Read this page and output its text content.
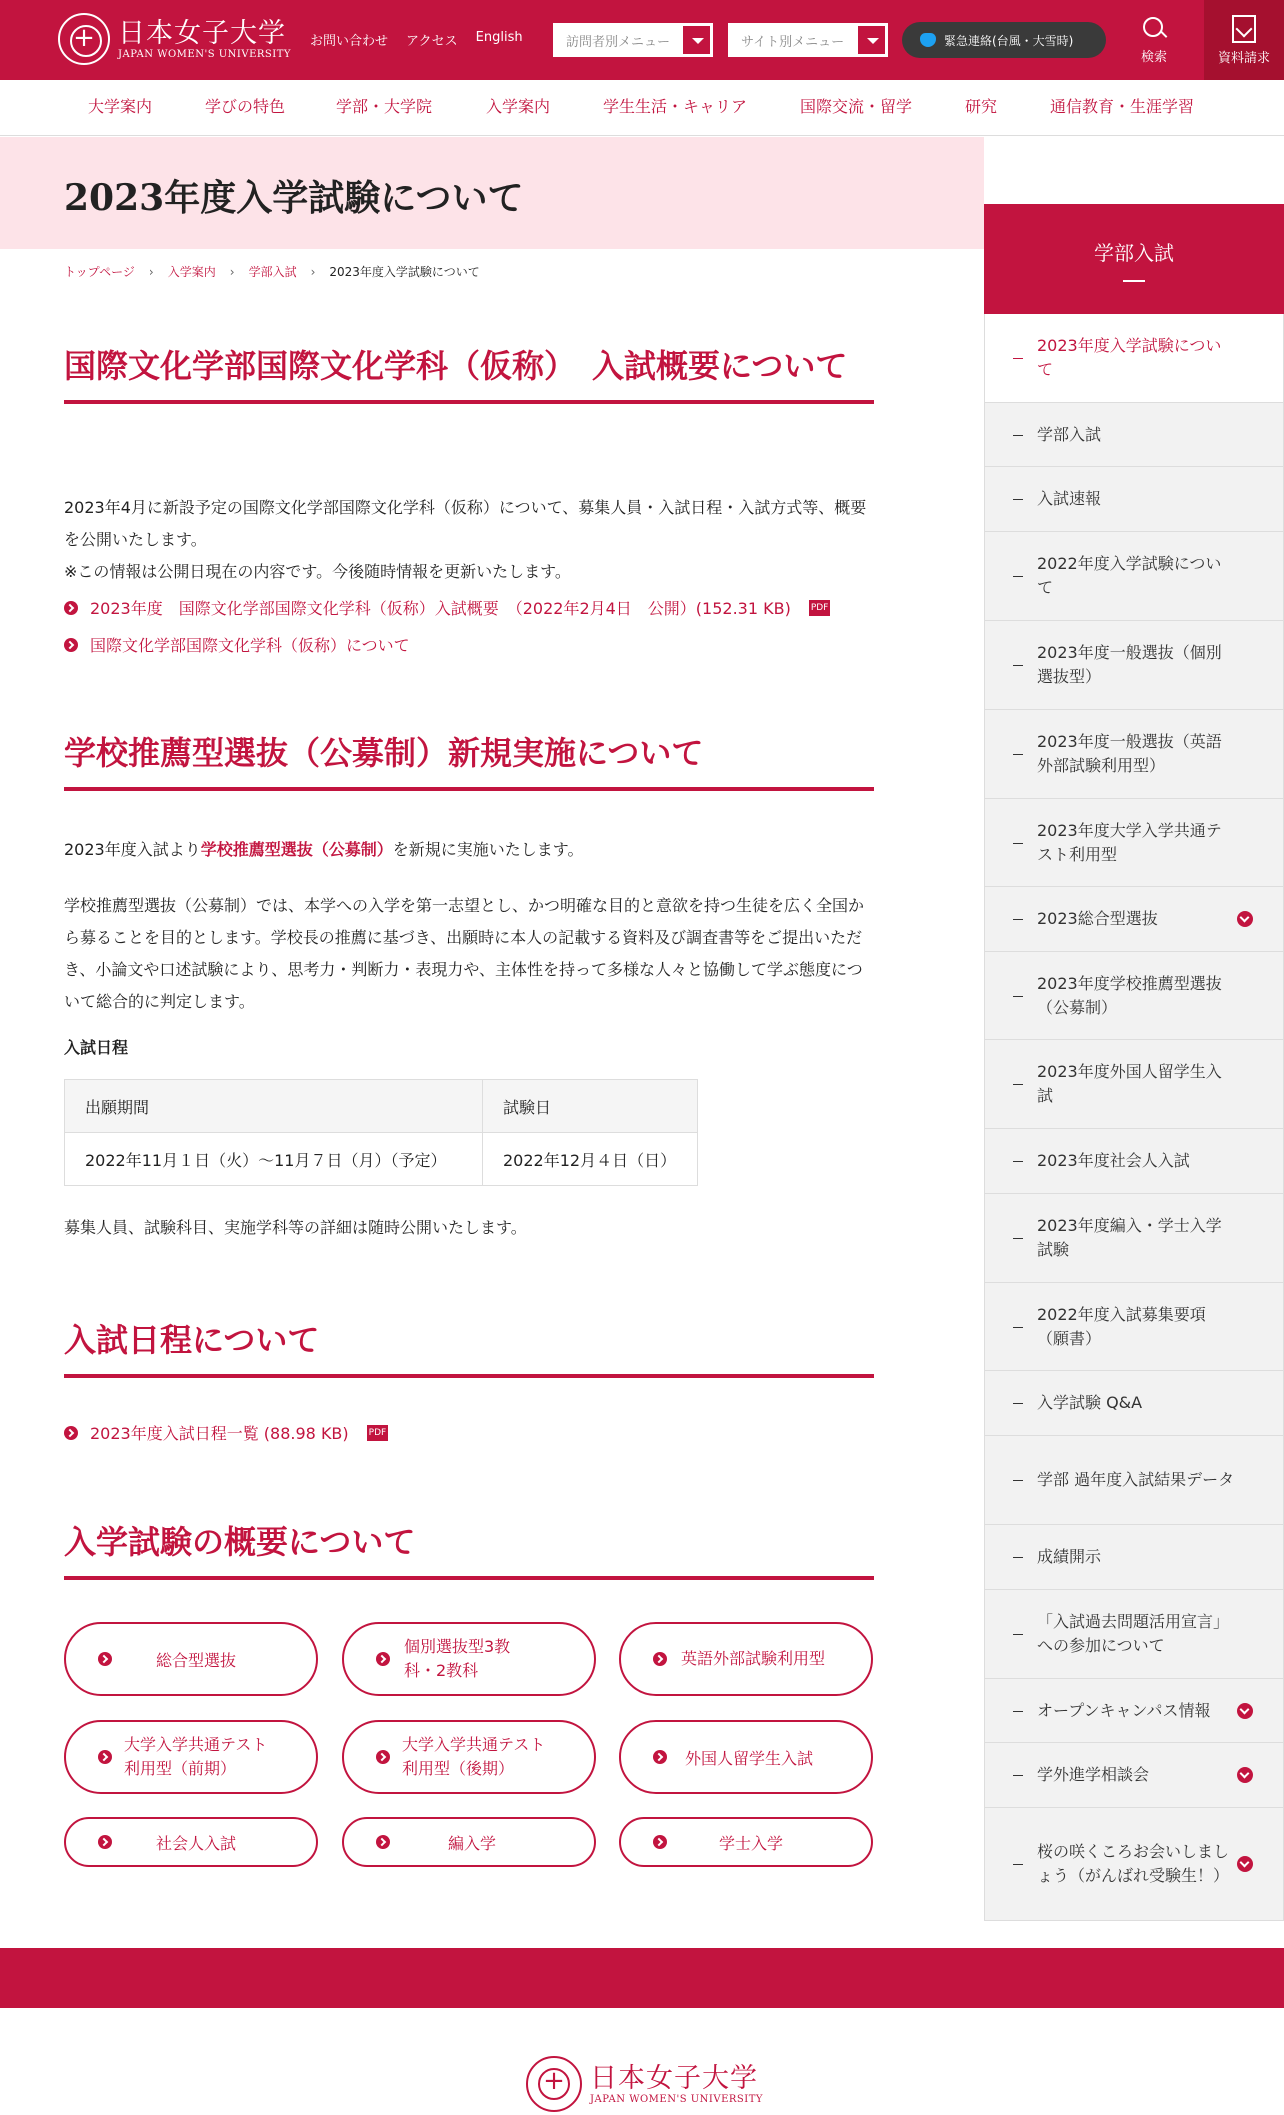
+
日本女子大学
JAPAN WOMEN'S UNIVERSITY
お問い合わせ アクセス English	訪問者別メニュー	サイト別メニュー	緊急連絡(台風・大雪時)
検索	資料請求
大学案内	学びの特色	学部・大学院	入学案内	学生生活・キャリア	国際交流・留学	研究	通信教育・生涯学習
2023年度入学試験について
トップページ › 入学案内 › 学部入試 › 2023年度入学試験について
国際文化学部国際文化学科（仮称）　入試概要について

2023年4月に新設予定の国際文化学部国際文化学科（仮称）について、募集人員・入試日程・入試方式等、概要を公開いたします。

※この情報は公開日現在の内容です。今後随時情報を更新いたします。

2023年度　国際文化学部国際文化学科（仮称）入試概要　（2022年2月4日　公開）(152.31 KB) PDF
国際文化学部国際文化学科（仮称）について
学校推薦型選抜（公募制）新規実施について

2023年度入試より学校推薦型選抜（公募制）を新規に実施いたします。

学校推薦型選抜（公募制）では、本学への入学を第一志望とし、かつ明確な目的と意欲を持つ生徒を広く全国から募ることを目的とします。学校長の推薦に基づき、出願時に本人の記載する資料及び調査書等をご提出いただき、小論文や口述試験により、思考力・判断力・表現力や、主体性を持って多様な人々と協働して学ぶ態度について総合的に判定します。

入試日程

出願期間	試験日
2022年11月１日（火）〜11月７日（月）（予定）	2022年12月４日（日）

募集人員、試験科目、実施学科等の詳細は随時公開いたします。

入試日程について
2023年度入試日程一覧 (88.98 KB) PDF
入学試験の概要について
総合型選抜
個別選抜型3教科・2教科
英語外部試験利用型
大学入学共通テスト利用型（前期）
大学入学共通テスト利用型（後期）
外国人留学生入試
社会人入試	編入学	学士入学
学部入試
2023年度入学試験について
学部入試
入試速報
2022年度入学試験について
2023年度一般選抜（個別選抜型）
2023年度一般選抜（英語外部試験利用型）
2023年度大学入学共通テスト利用型
2023総合型選抜
2023年度学校推薦型選抜（公募制）
2023年度外国人留学生入試
2023年度社会人入試
2023年度編入・学士入学試験
2022年度入試募集要項（願書）
入学試験 Q&A
学部 過年度入試結果データ
成績開示
「入試過去問題活用宣言」への参加について
オープンキャンパス情報
学外進学相談会
桜の咲くころお会いしましょう（がんばれ受験生！）
+
日本女子大学
JAPAN WOMEN'S UNIVERSITY
